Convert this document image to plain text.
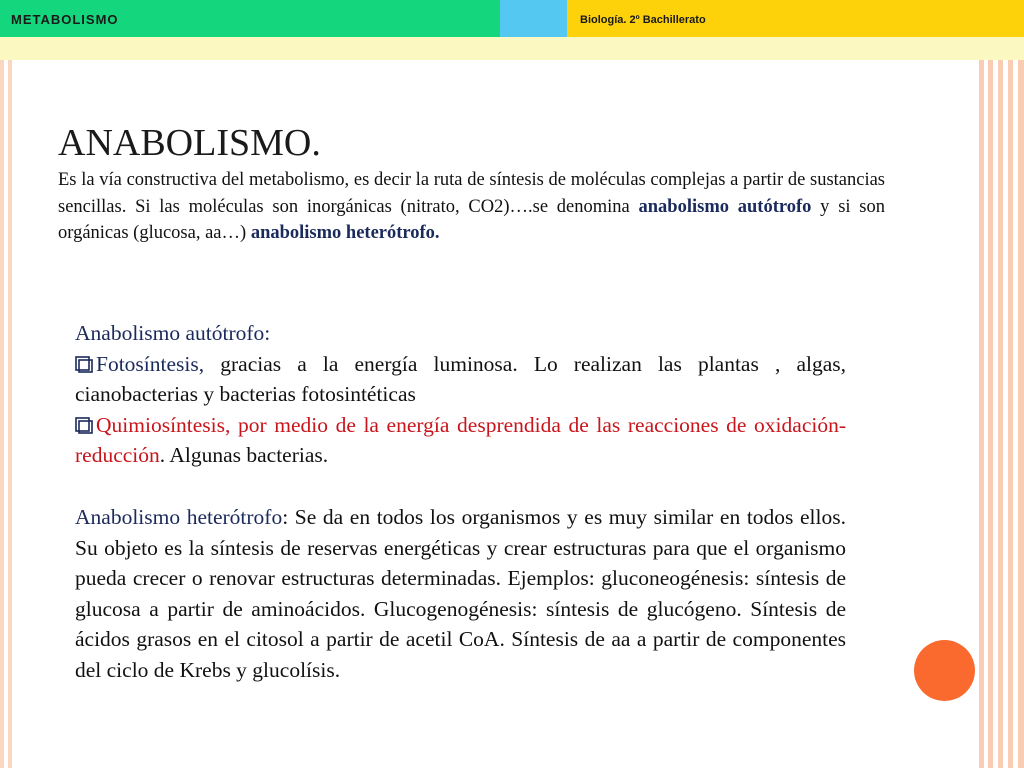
METABOLISMO	Biología. 2º Bachillerato
ANABOLISMO.
Es la vía constructiva del metabolismo, es decir la ruta de síntesis de moléculas complejas a partir de sustancias sencillas. Si las moléculas son inorgánicas (nitrato, CO2)….se denomina anabolismo autótrofo y si son orgánicas (glucosa, aa…) anabolismo heterótrofo.
Anabolismo autótrofo:
Fotosíntesis, gracias a la energía luminosa. Lo realizan las plantas , algas, cianobacterias y bacterias fotosintéticas
Quimiosíntesis, por medio de la energía desprendida de las reacciones de oxidación-reducción. Algunas bacterias.
Anabolismo heterótrofo: Se da en todos los organismos y es muy similar en todos ellos. Su objeto es la síntesis de reservas energéticas y crear estructuras para que el organismo pueda crecer o renovar estructuras determinadas. Ejemplos: gluconeogénesis: síntesis de glucosa a partir de aminoácidos. Glucogenogénesis: síntesis de glucógeno. Síntesis de ácidos grasos en el citosol a partir de acetil CoA. Síntesis de aa a partir de componentes del ciclo de Krebs y glucolísis.
